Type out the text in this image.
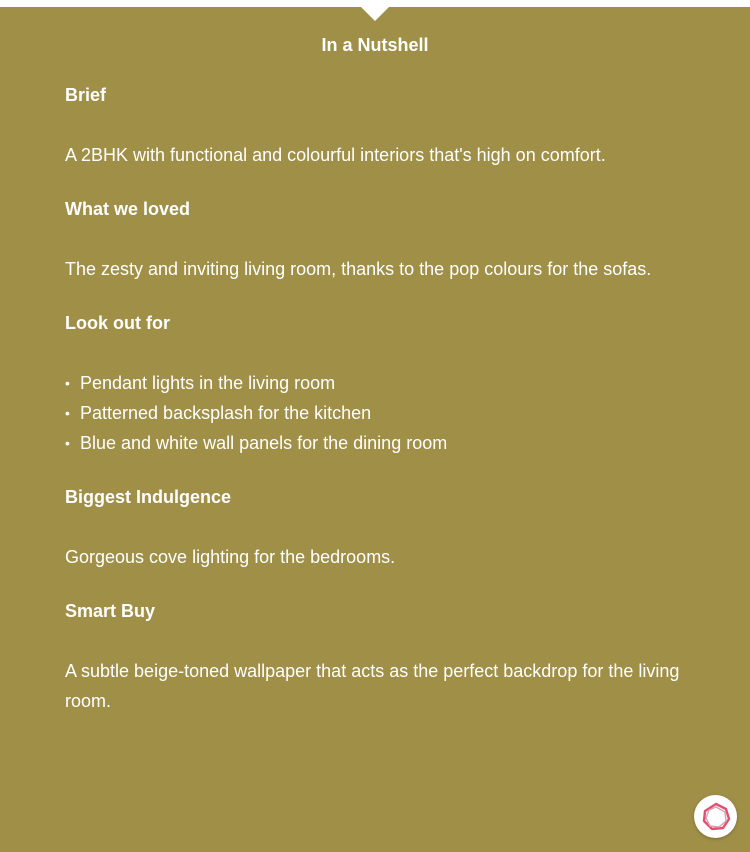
In a Nutshell

Brief

A 2BHK with functional and colourful interiors that's high on comfort.

What we loved

The zesty and inviting living room, thanks to the pop colours for the sofas.

Look out for

• Pendant lights in the living room
• Patterned backsplash for the kitchen
• Blue and white wall panels for the dining room

Biggest Indulgence

Gorgeous cove lighting for the bedrooms.

Smart Buy

A subtle beige-toned wallpaper that acts as the perfect backdrop for the living room.
